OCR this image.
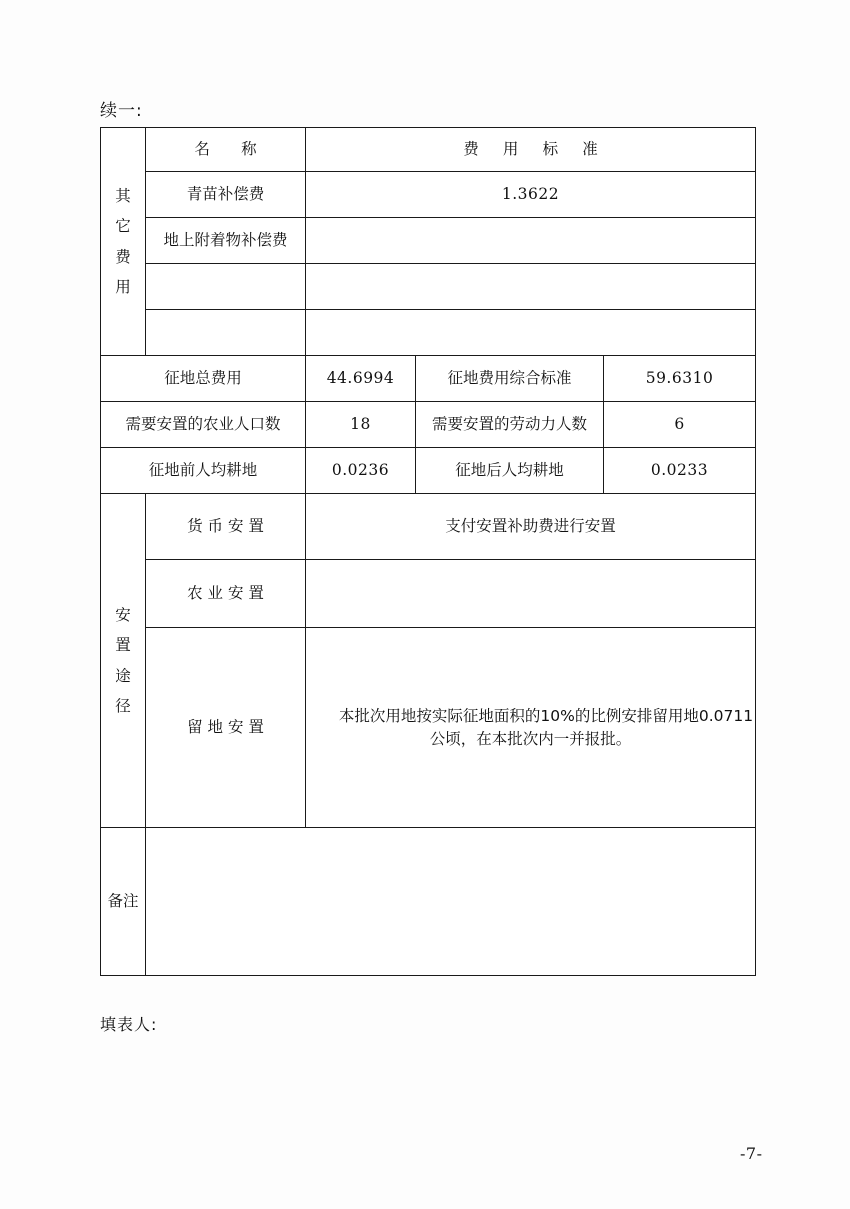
续一:
其它费用	名 称	费 用 标 准		
	青苗补偿费	1.3622		
	地上附着物补偿费			

征地总费用		44.6994	征地费用综合标准	59.6310
需要安置的农业人口数		18	需要安置的劳动力人数	6
征地前人均耕地		0.0236	征地后人均耕地	0.0233

安置途径	货 币 安 置	支付安置补助费进行安置		
	农 业 安 置			
	留 地 安 置	本批次用地按实际征地面积的10%的比例安排留用地0.0711公顷，在本批次内一并报批。		
备注				
填表人:
-7-
